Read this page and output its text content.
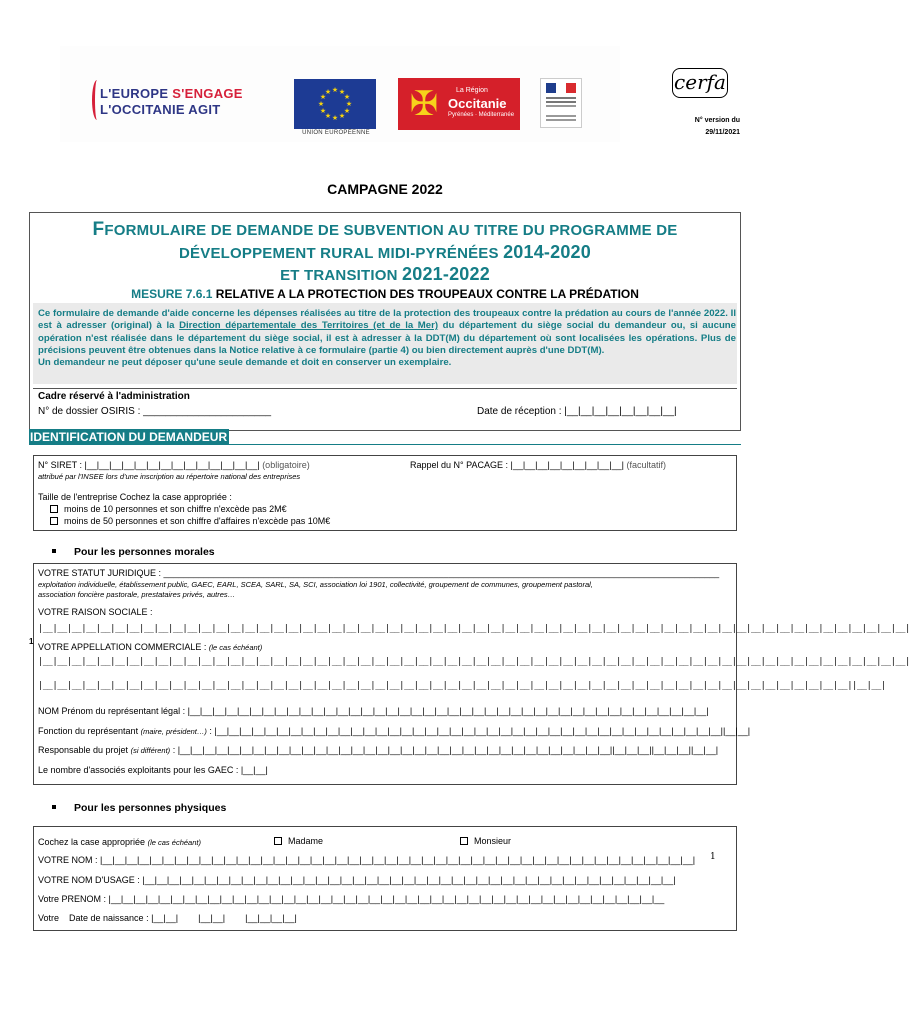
L'EUROPE S'ENGAGE
L'OCCITANIE AGIT
★ ★
★
★
★
★
★
★
★
★
★
★
UNION EUROPÉENNE
✠	La Région
Occitanie
Pyrénées · Méditerranée
cerfa
N° version du
29/11/2021
CAMPAGNE 2022
FFORMULAIRE DE DEMANDE DE SUBVENTION AU TITRE DU PROGRAMME DE
DÉVELOPPEMENT RURAL MIDI-PYRÉNÉES 2014-2020
ET TRANSITION 2021-2022
MESURE 7.6.1 RELATIVE A LA PROTECTION DES TROUPEAUX CONTRE LA PRÉDATION
Ce formulaire de demande d'aide concerne les dépenses réalisées au titre de la protection des troupeaux contre la prédation au cours de l'année 2022. Il est à adresser (original) à la Direction départementale des Territoires (et de la Mer) du département du siège social du demandeur ou, si aucune opération n'est réalisée dans le département du siège social, il est à adresser à la DDT(M) du département où sont localisées les opérations. Plus de précisions peuvent être obtenues dans la Notice relative à ce formulaire (partie 4) ou bien directement auprès d'une DDT(M).
Un demandeur ne peut déposer qu'une seule demande et doit en conserver un exemplaire.
Cadre réservé à l'administration
N° de dossier OSIRIS : _______________________	Date de réception : |__|__|__|__|__|__|__|__|
IDENTIFICATION DU DEMANDEUR
N° SIRET : |__|__|__|__|__|__|__|__|__|__|__|__|__|__| (obligatoire)	Rappel du N° PACAGE : |__|__|__|__|__|__|__|__|__| (facultatif)
attribué par l'INSEE lors d'une inscription au répertoire national des entreprises
Taille de l'entreprise Cochez la case appropriée :
moins de 10 personnes et son chiffre n'excède pas 2M€
moins de 50 personnes et son chiffre d'affaires n'excède pas 10M€
Pour les personnes morales
VOTRE STATUT JURIDIQUE : _______________________________________________________________________________________________________________
exploitation individuelle, établissement public, GAEC, EARL, SCEA, SARL, SA, SCI, association loi 1901, collectivité, groupement de communes, groupement pastoral,
association foncière pastorale, prestataires privés, autres…
VOTRE RAISON SOCIALE :
|__|__|__|__|__|__|__|__|__|__|__|__|__|__|__|__|__|__|__|__|__|__|__|__|__|__|__|__|__|__|__|__|__|__|__|__|__|__|__|__|__|__|__|__|__|__|__|__|__|__|__|__|__|__|__|__|__|__|__|__|
1
VOTRE APPELLATION COMMERCIALE : (le cas échéant)
|__|__|__|__|__|__|__|__|__|__|__|__|__|__|__|__|__|__|__|__|__|__|__|__|__|__|__|__|__|__|__|__|__|__|__|__|__|__|__|__|__|__|__|__|__|__|__|__|__|__|__|__|__|__|__|__|__|__|__|__|
|__|__|__|__|__|__|__|__|__|__|__|__|__|__|__|__|__|__|__|__|__|__|__|__|__|__|__|__|__|__|__|__|__|__|__|__|__|__|__|__|__|__|__|__|__|__|__|__|__|__|__|__|__|__|__|__||__|__|
NOM Prénom du représentant légal : |__|__|__|__|__|__|__|__|__|__|__|__|__|__|__|__|__|__|__|__|__|__|__|__|__|__|__|__|__|__|__|__|__|__|__|__|__|__|__|__|__|__|
Fonction du représentant (maire, président…) : |__|__|__|__|__|__|__|__|__|__|__|__|__|__|__|__|__|__|__|__|__|__|__|__|__|__|__|__|__|__|__|__|__|__|__|__|__|__|__|__|__||__|__|
Responsable du projet (si différent) : |__|__|__|__|__|__|__|__|__|__|__|__|__|__|__|__|__|__|__|__|__|__|__|__|__|__|__|__|__|__|__|__|__|__|__||__|__|__||__|__|__||__|__|
Le nombre d'associés exploitants pour les GAEC : |__|__|
Pour les personnes physiques
Cochez la case appropriée (le cas échéant)	Madame	Monsieur
VOTRE NOM : |__|__|__|__|__|__|__|__|__|__|__|__|__|__|__|__|__|__|__|__|__|__|__|__|__|__|__|__|__|__|__|__|__|__|__|__|__|__|__|__|__|__|__|__|__|__|__|__| 1
VOTRE NOM D'USAGE : |__|__|__|__|__|__|__|__|__|__|__|__|__|__|__|__|__|__|__|__|__|__|__|__|__|__|__|__|__|__|__|__|__|__|__|__|__|__|__|__|__|__|__|
Votre PRENOM : |__|__|__|__|__|__|__|__|__|__|__|__|__|__|__|__|__|__|__|__|__|__|__|__|__|__|__|__|__|__|__|__|__|__|__|__|__|__|__|__|__|__|__|__|__
Votre    Date de naissance : |__|__|        |__|__|        |__|__|__|__|
